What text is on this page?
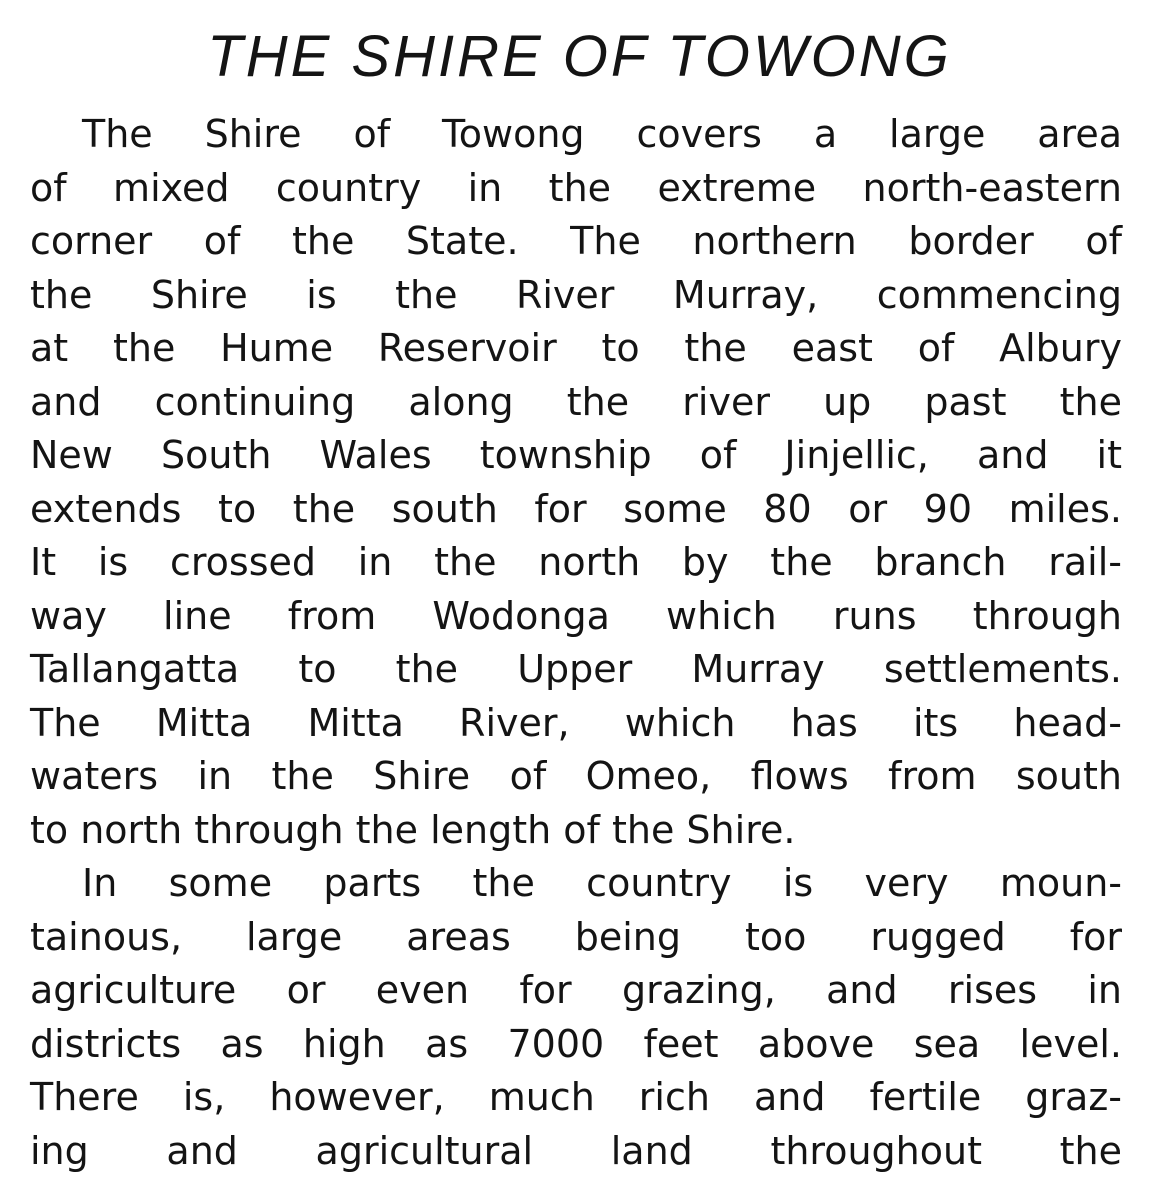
THE SHIRE OF TOWONG
The Shire of Towong covers a large area
of mixed country in the extreme north-eastern
corner of the State. The northern border of
the Shire is the River Murray, commencing
at the Hume Reservoir to the east of Albury
and continuing along the river up past the
New South Wales township of Jinjellic, and it
extends to the south for some 80 or 90 miles.
It is crossed in the north by the branch rail-
way line from Wodonga which runs through
Tallangatta to the Upper Murray settlements.
The Mitta Mitta River, which has its head-
waters in the Shire of Omeo, flows from south
to north through the length of the Shire.
In some parts the country is very moun-
tainous, large areas being too rugged for
agriculture or even for grazing, and rises in
districts as high as 7000 feet above sea level.
There is, however, much rich and fertile graz-
ing and agricultural land throughout the
